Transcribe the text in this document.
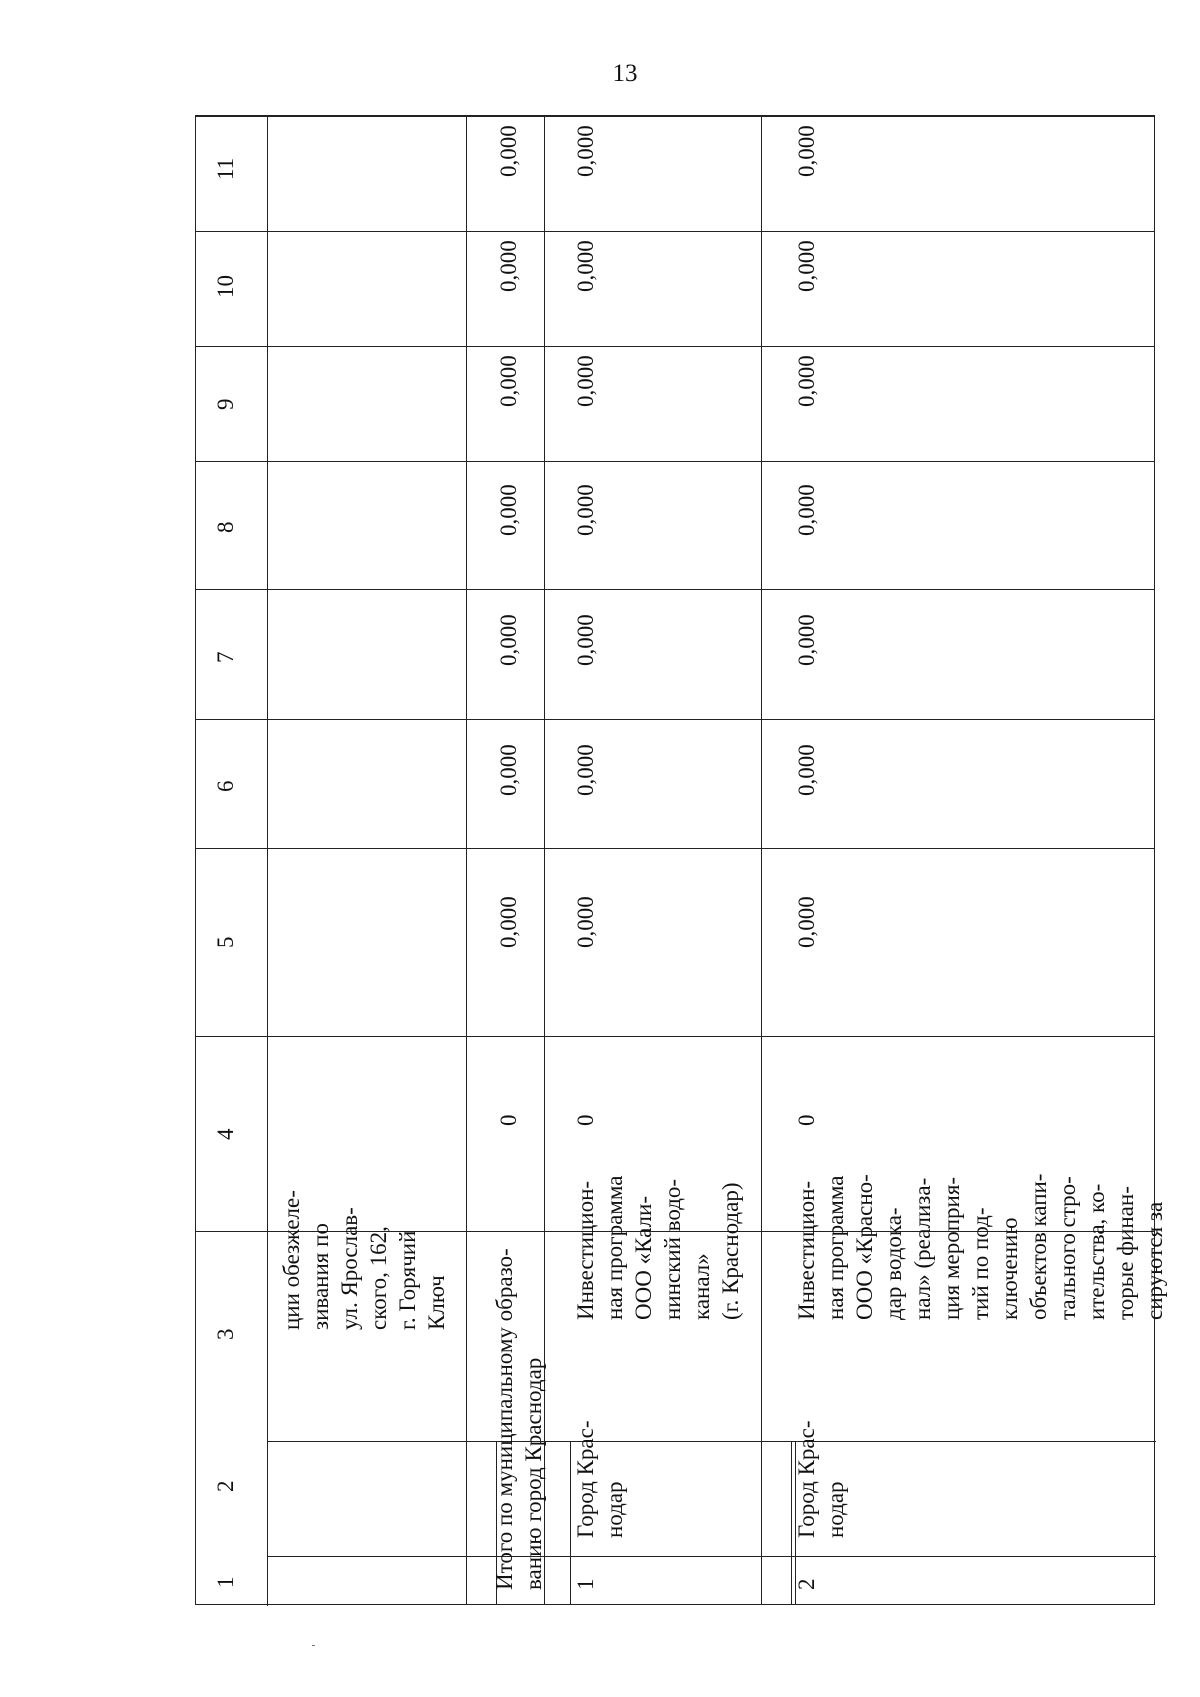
13
11
10
9
8
7
6
5
4
3
2
1
ции обезжеле- зивания по ул. Ярослав- ского, 162, г. Горячий Ключ Итого по муниципальному образо- ванию город Краснодар
0
0,000
0,000
0,000
0,000
0,000
0,000
0,000
1
Город Крас- нодар
Инвестицион- ная программа ООО «Кали- нинский водо- канал» (г. Краснодар)
0
0,000
0,000
0,000
0,000
0,000
0,000
0,000
2
Город Крас- нодар
Инвестицион- ная программа ООО «Красно- дар водока- нал» (реализа- ция мероприя- тий по под- ключению объектов капи- тального стро- ительства, ко- торые финан- сируются за
0
0,000
0,000
0,000
0,000
0,000
0,000
0,000
